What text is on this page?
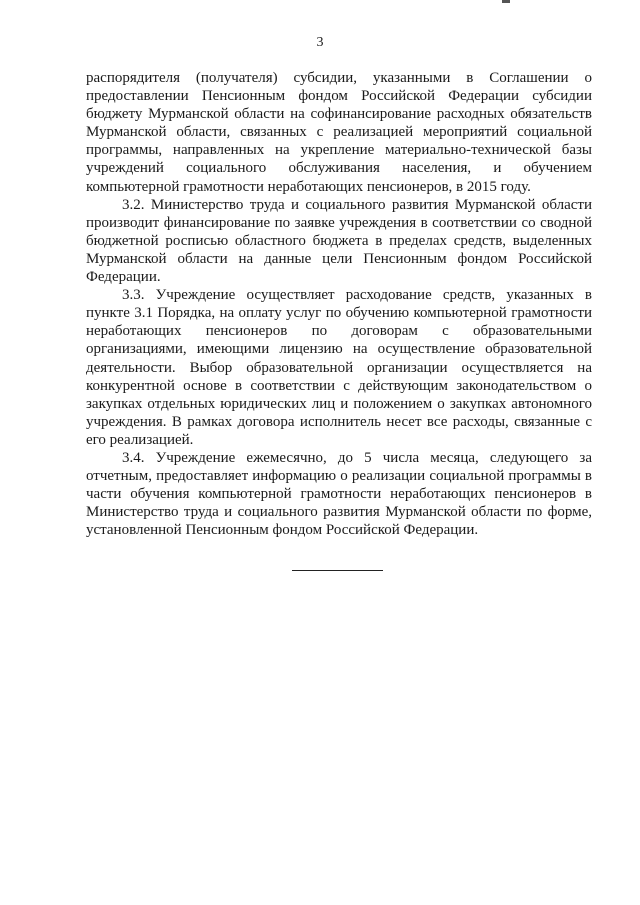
3

распорядителя (получателя) субсидии, указанными в Соглашении о предоставлении Пенсионным фондом Российской Федерации субсидии бюджету Мурманской области на софинансирование расходных обязательств Мурманской области, связанных с реализацией мероприятий социальной программы, направленных на укрепление материально-технической базы учреждений социального обслуживания населения, и обучением компьютерной грамотности неработающих пенсионеров, в 2015 году.

3.2. Министерство труда и социального развития Мурманской области производит финансирование по заявке учреждения в соответствии со сводной бюджетной росписью областного бюджета в пределах средств, выделенных Мурманской области на данные цели Пенсионным фондом Российской Федерации.

3.3. Учреждение осуществляет расходование средств, указанных в пункте 3.1 Порядка, на оплату услуг по обучению компьютерной грамотности неработающих пенсионеров по договорам с образовательными организациями, имеющими лицензию на осуществление образовательной деятельности. Выбор образовательной организации осуществляется на конкурентной основе в соответствии с действующим законодательством о закупках отдельных юридических лиц и положением о закупках автономного учреждения. В рамках договора исполнитель несет все расходы, связанные с его реализацией.

3.4. Учреждение ежемесячно, до 5 числа месяца, следующего за отчетным, предоставляет информацию о реализации социальной программы в части обучения компьютерной грамотности неработающих пенсионеров в Министерство труда и социального развития Мурманской области по форме, установленной Пенсионным фондом Российской Федерации.
